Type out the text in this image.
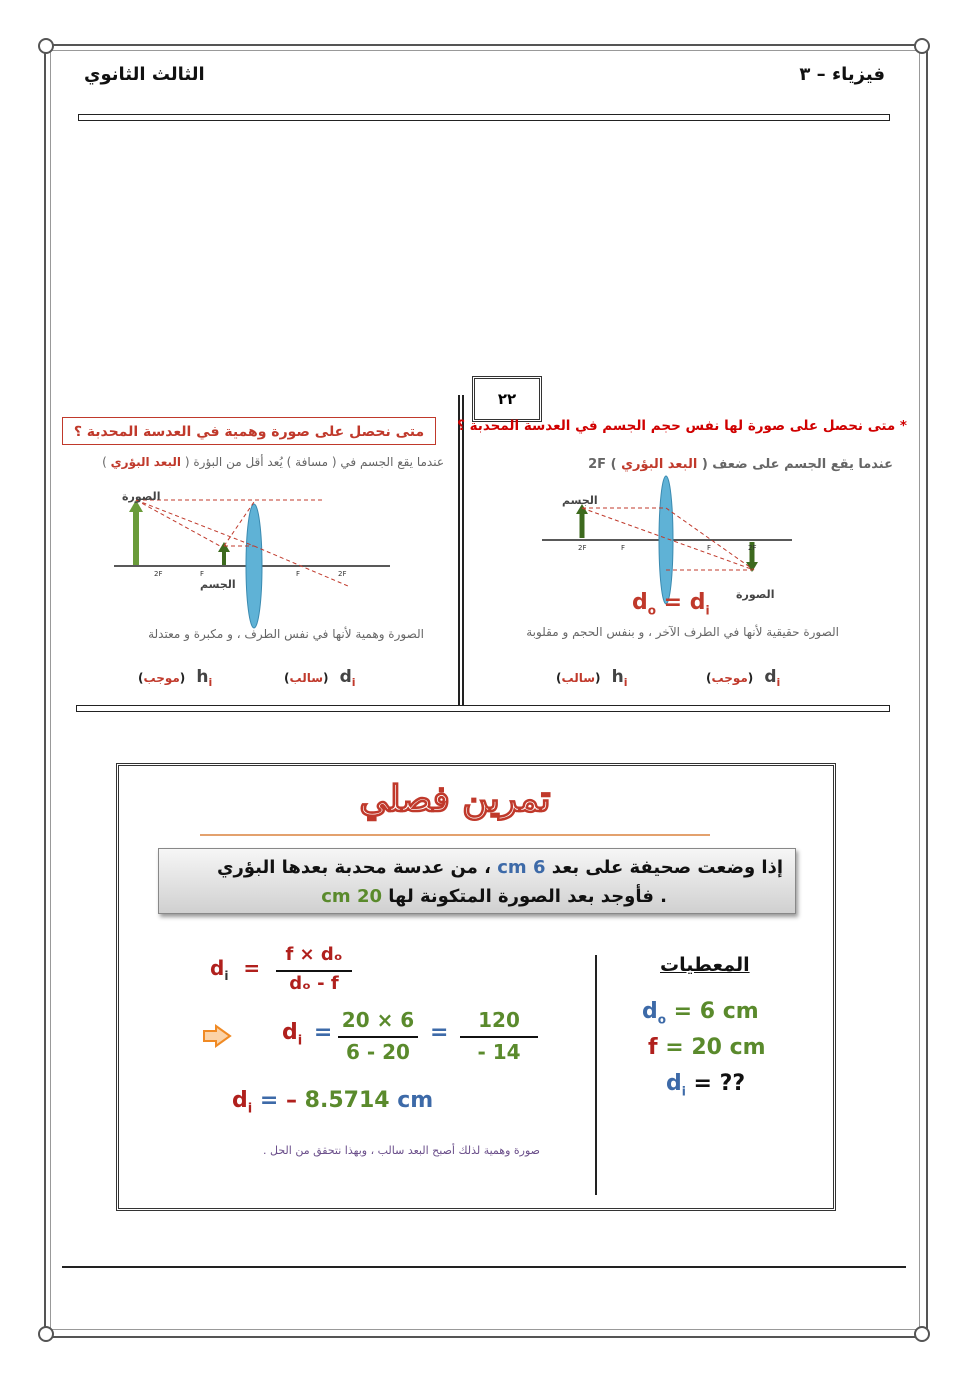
فيزياء – ٣
الثالث الثانوي
٢٢
* متى نحصل على صورة لها نفس حجم الجسم في العدسة المحدبة ؟
عندما يقع الجسم على ضعف ( البعد البؤري ) 2F
2F	F	F	2F
الجسم
الصورة
$d_o = d_i$
الصورة حقيقية لأنها في الطرف الآخر ، و بنفس الحجم و مقلوبة
(سالب) $h_i$	(موجب) $d_i$
متى نحصل على صورة وهمية في العدسة المحدبة ؟
عندما يقع الجسم في ( مسافة ) يُعد أقل من البؤرة ( البعد البؤري )
2F	F	F	2F
الصورة
الجسم
الصورة وهمية لأنها في نفس الطرف ، و مكبرة و معتدلة
(موجب) $h_i$	(سالب) $d_i$
تمرين فصلي
إذا وضعت صحيفة على بعد 6 cm ، من عدسة محدبة بعدها البؤري
. فأوجد بعد الصورة المتكونة لها 20 cm
المعطيات
$d_o = 6$ cm
f = 20 cm
$d_i$ = ??
$d_i$ =
f × dₒ
dₒ - f
$d_i = 20 \times 6$
6 - 20
=	120
- 14
$d_i$ = – 8.5714 cm
صورة وهمية لذلك أصبح البعد سالب ، وبهذا نتحقق من الحل .
